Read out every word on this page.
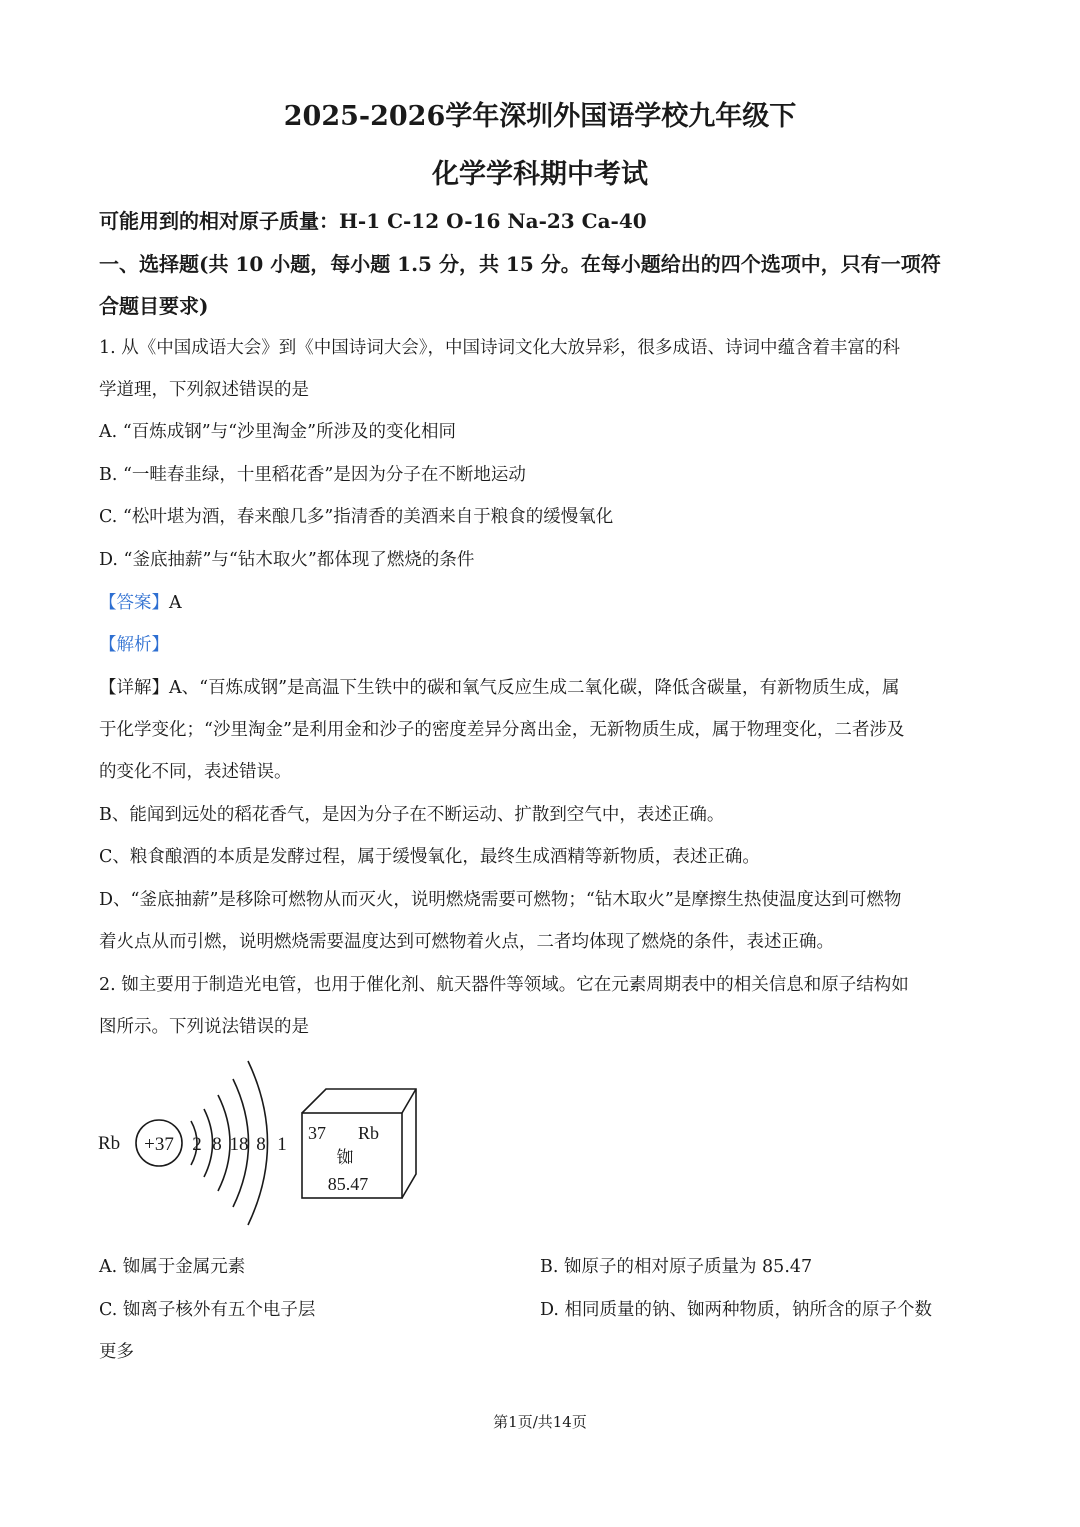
2025-2026学年深圳外国语学校九年级下
化学学科期中考试
可能用到的相对原子质量：H-1 C-12 O-16 Na-23 Ca-40
一、选择题(共 10 小题，每小题 1.5 分，共 15 分。在每小题给出的四个选项中，只有一项符
合题目要求)
1. 从《中国成语大会》到《中国诗词大会》，中国诗词文化大放异彩，很多成语、诗词中蕴含着丰富的科
学道理，下列叙述错误的是
A. “百炼成钢”与“沙里淘金”所涉及的变化相同
B. “一畦春韭绿，十里稻花香”是因为分子在不断地运动
C. “松叶堪为酒，春来酿几多”指清香的美酒来自于粮食的缓慢氧化
D. “釜底抽薪”与“钻木取火”都体现了燃烧的条件
【答案】A
【解析】
【详解】A、“百炼成钢”是高温下生铁中的碳和氧气反应生成二氧化碳，降低含碳量，有新物质生成，属
于化学变化；“沙里淘金”是利用金和沙子的密度差异分离出金，无新物质生成，属于物理变化，二者涉及
的变化不同，表述错误。
B、能闻到远处的稻花香气，是因为分子在不断运动、扩散到空气中，表述正确。
C、粮食酿酒的本质是发酵过程，属于缓慢氧化，最终生成酒精等新物质，表述正确。
D、“釜底抽薪”是移除可燃物从而灭火，说明燃烧需要可燃物；“钻木取火”是摩擦生热使温度达到可燃物
着火点从而引燃，说明燃烧需要温度达到可燃物着火点，二者均体现了燃烧的条件，表述正确。
2. 铷主要用于制造光电管，也用于催化剂、航天器件等领域。它在元素周期表中的相关信息和原子结构如
图所示。下列说法错误的是
Rb +37 2 8 18 8 1
37 Rb
铷
85.47
A. 铷属于金属元素	B. 铷原子的相对原子质量为 85.47
C. 铷离子核外有五个电子层	D. 相同质量的钠、铷两种物质，钠所含的原子个数
更多
第1页/共14页
